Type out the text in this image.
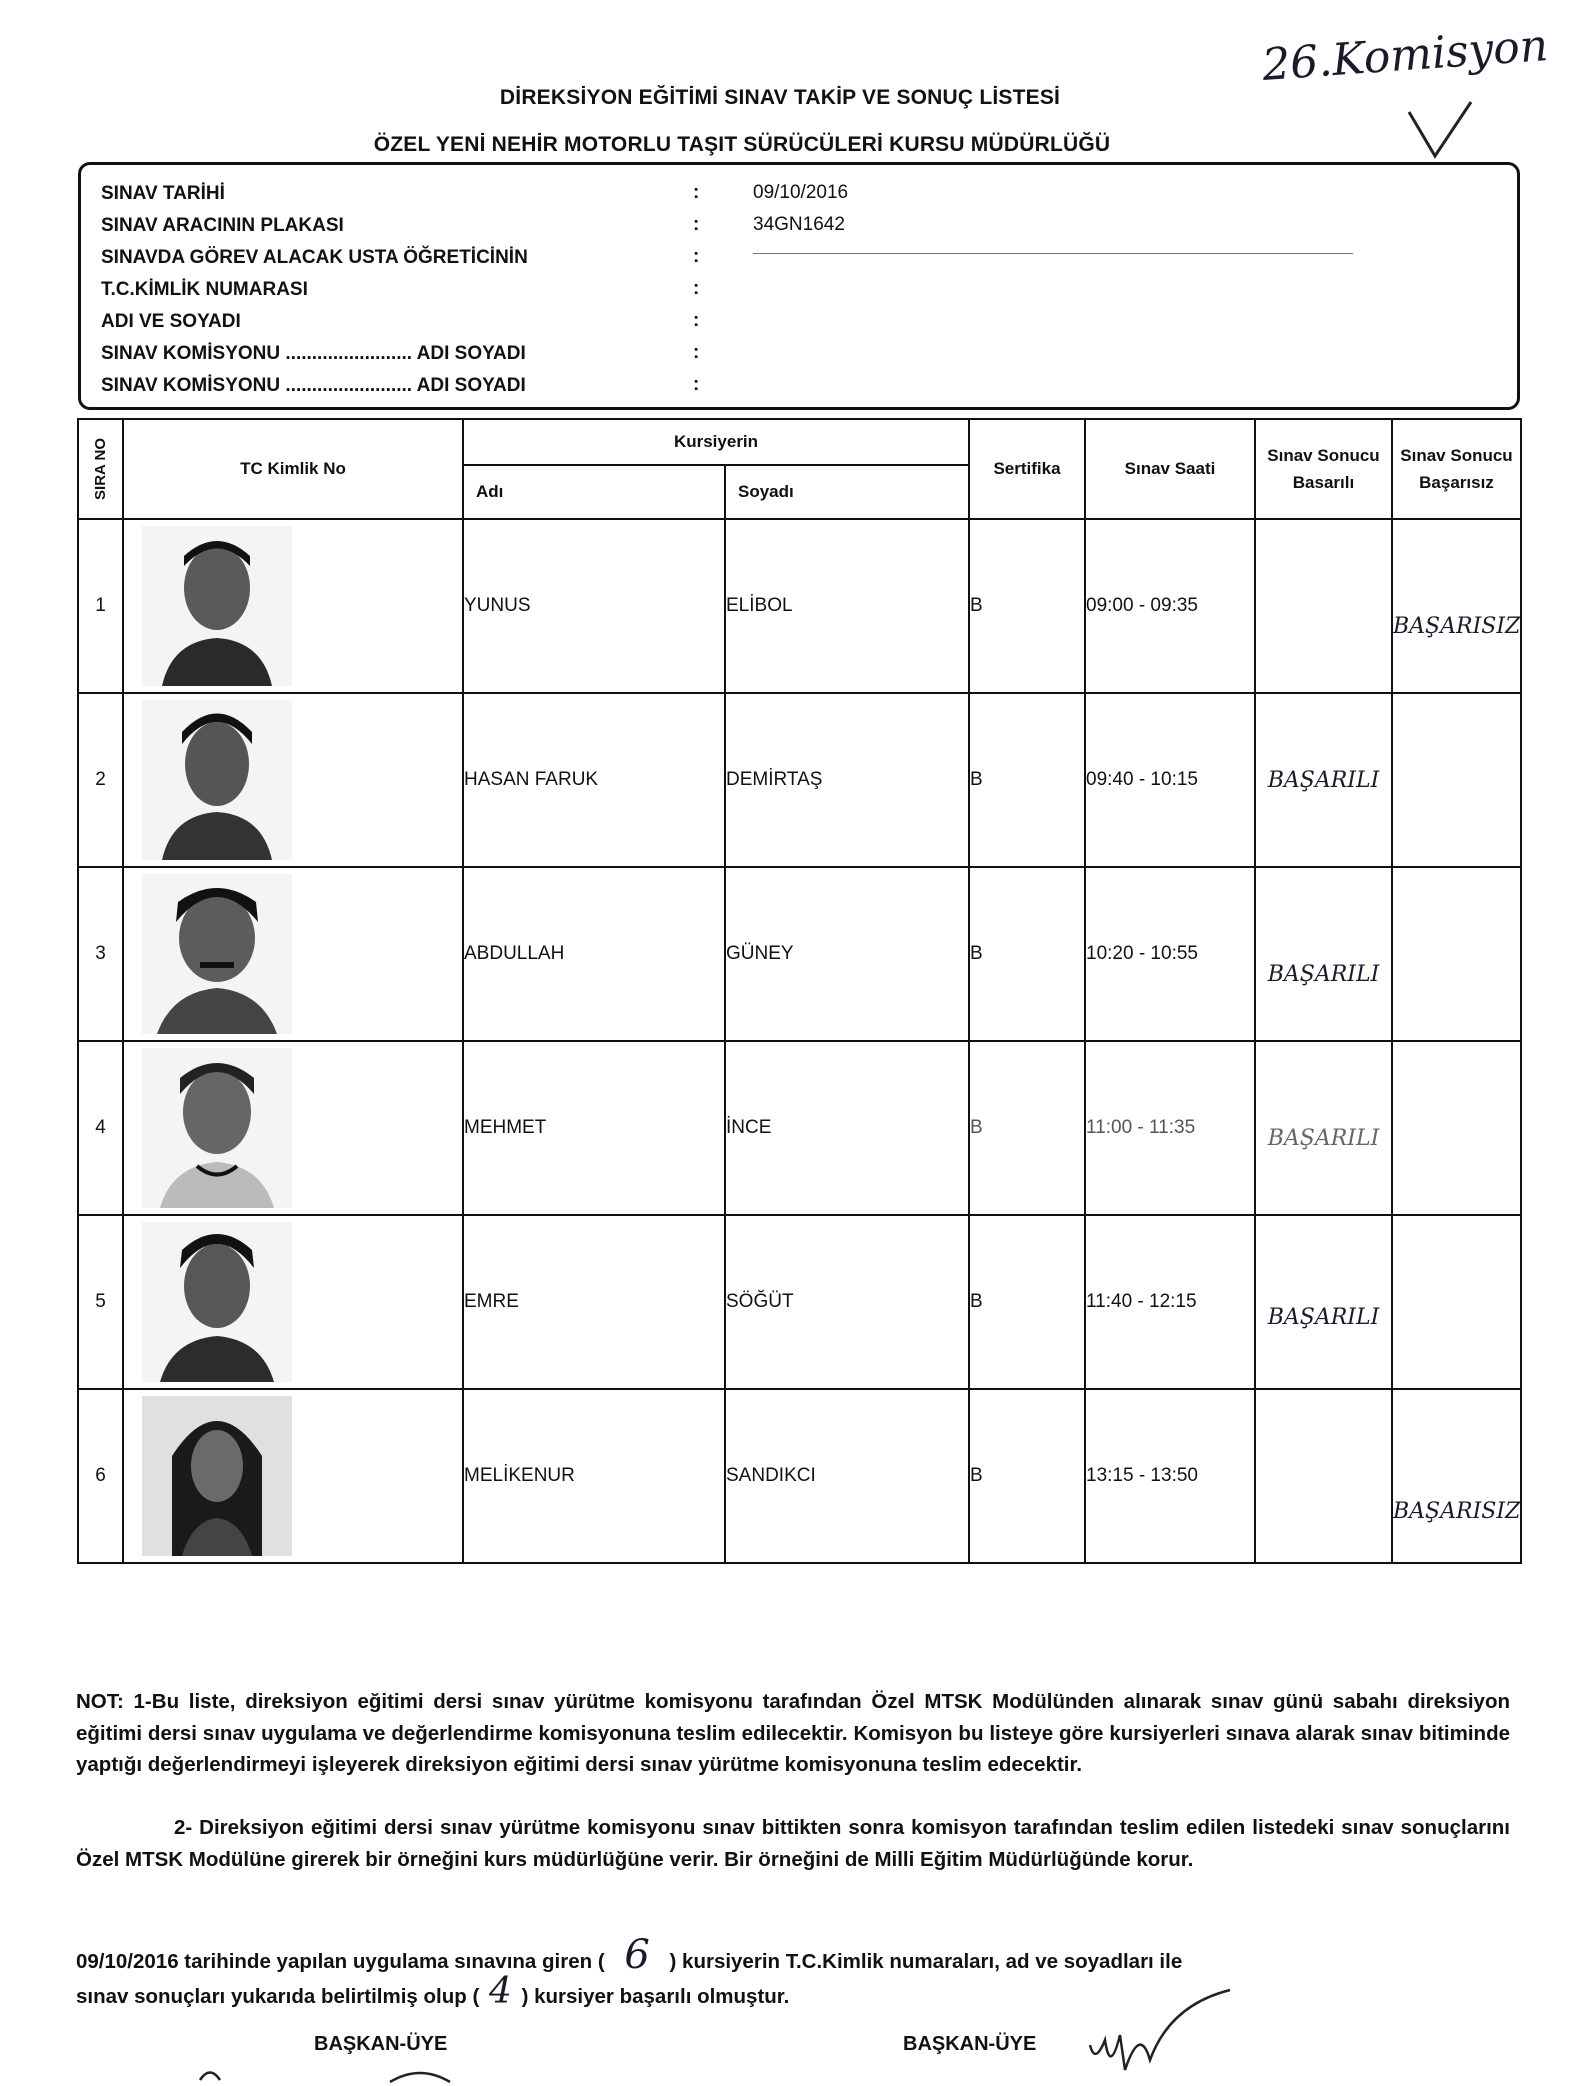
26.Komisyon
DİREKSİYON EĞİTİMİ SINAV TAKİP VE SONUÇ LİSTESİ
ÖZEL YENİ NEHİR MOTORLU TAŞIT SÜRÜCÜLERİ KURSU MÜDÜRLÜĞÜ
SINAV TARİHİ	:	09/10/2016
SINAV ARACININ PLAKASI	:	34GN1642
SINAVDA GÖREV ALACAK USTA ÖĞRETİCİNİN	:
T.C.KİMLİK NUMARASI	:
ADI VE SOYADI	:
SINAV KOMİSYONU ........................ ADI SOYADI	:
SINAV KOMİSYONU ........................ ADI SOYADI	:
SIRA NO	TC Kimlik No	Kursiyerin		Sertifika	Sınav Saati	Sınav Sonucu Basarılı	Sınav Sonucu Başarısız
		Adı	Soyadı				
1		YUNUS	ELİBOL	B	09:00 - 09:35		BAŞARISIZ
2		HASAN FARUK	DEMİRTAŞ	B	09:40 - 10:15	BAŞARILI	
3		ABDULLAH	GÜNEY	B	10:20 - 10:55	BAŞARILI	
4		MEHMET	İNCE	B	11:00 - 11:35	BAŞARILI	
5		EMRE	SÖĞÜT	B	11:40 - 12:15	BAŞARILI	
6		MELİKENUR	SANDIKCI	B	13:15 - 13:50		BAŞARISIZ
NOT: 1-Bu liste, direksiyon eğitimi dersi sınav yürütme komisyonu tarafından Özel MTSK Modülünden alınarak sınav günü sabahı direksiyon eğitimi dersi sınav uygulama ve değerlendirme komisyonuna teslim edilecektir. Komisyon bu listeye göre kursiyerleri sınava alarak sınav bitiminde yaptığı değerlendirmeyi işleyerek direksiyon eğitimi dersi sınav yürütme komisyonuna teslim edecektir.
2- Direksiyon eğitimi dersi sınav yürütme komisyonu sınav bittikten sonra komisyon tarafından teslim edilen listedeki sınav sonuçlarını Özel MTSK Modülüne girerek bir örneğini kurs müdürlüğüne verir. Bir örneğini de Milli Eğitim Müdürlüğünde korur.
09/10/2016 tarihinde yapılan uygulama sınavına giren ( 6 ) kursiyerin T.C.Kimlik numaraları, ad ve soyadları ile
sınav sonuçları yukarıda belirtilmiş olup ( 4 ) kursiyer başarılı olmuştur.
BAŞKAN-ÜYE	BAŞKAN-ÜYE
